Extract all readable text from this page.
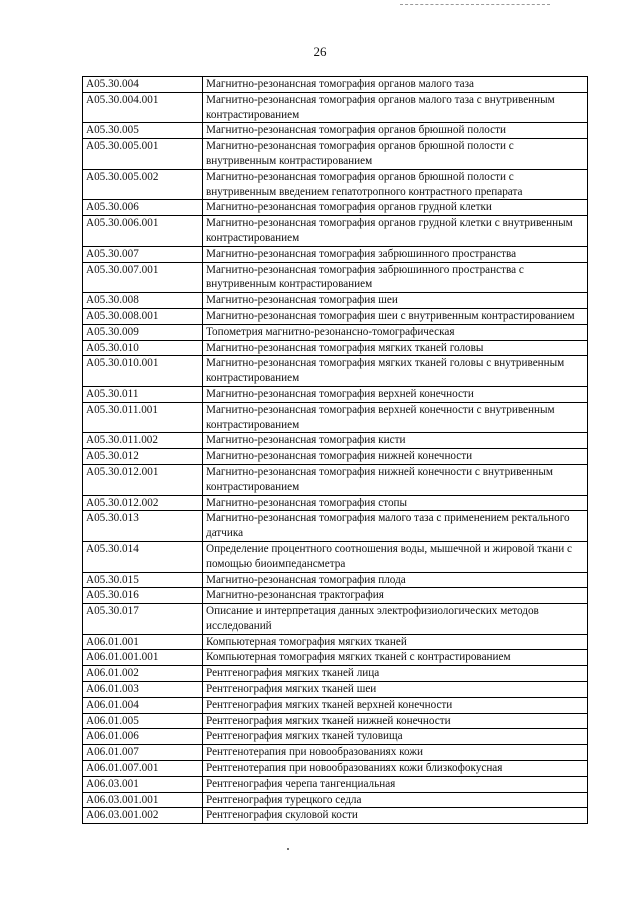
26
A05.30.004	Магнитно-резонансная томография органов малого таза
A05.30.004.001	Магнитно-резонансная томография органов малого таза с внутривенным контрастированием
A05.30.005	Магнитно-резонансная томография органов брюшной полости
A05.30.005.001	Магнитно-резонансная томография органов брюшной полости с внутривенным контрастированием
A05.30.005.002	Магнитно-резонансная томография органов брюшной полости с внутривенным введением гепатотропного контрастного препарата
A05.30.006	Магнитно-резонансная томография органов грудной клетки
A05.30.006.001	Магнитно-резонансная томография органов грудной клетки с внутривенным контрастированием
A05.30.007	Магнитно-резонансная томография забрюшинного пространства
A05.30.007.001	Магнитно-резонансная томография забрюшинного пространства с внутривенным контрастированием
A05.30.008	Магнитно-резонансная томография шеи
A05.30.008.001	Магнитно-резонансная томография шеи с внутривенным контрастированием
A05.30.009	Топометрия магнитно-резонансно-томографическая
A05.30.010	Магнитно-резонансная томография мягких тканей головы
A05.30.010.001	Магнитно-резонансная томография мягких тканей головы с внутривенным контрастированием
A05.30.011	Магнитно-резонансная томография верхней конечности
A05.30.011.001	Магнитно-резонансная томография верхней конечности с внутривенным контрастированием
A05.30.011.002	Магнитно-резонансная томография кисти
A05.30.012	Магнитно-резонансная томография нижней конечности
A05.30.012.001	Магнитно-резонансная томография нижней конечности с внутривенным контрастированием
A05.30.012.002	Магнитно-резонансная томография стопы
A05.30.013	Магнитно-резонансная томография малого таза с применением ректального датчика
A05.30.014	Определение процентного соотношения воды, мышечной и жировой ткани с помощью биоимпедансметра
A05.30.015	Магнитно-резонансная томография плода
A05.30.016	Магнитно-резонансная трактография
A05.30.017	Описание и интерпретация данных электрофизиологических методов исследований
A06.01.001	Компьютерная томография мягких тканей
A06.01.001.001	Компьютерная томография мягких тканей с контрастированием
A06.01.002	Рентгенография мягких тканей лица
A06.01.003	Рентгенография мягких тканей шеи
A06.01.004	Рентгенография мягких тканей верхней конечности
A06.01.005	Рентгенография мягких тканей нижней конечности
A06.01.006	Рентгенография мягких тканей туловища
A06.01.007	Рентгенотерапия при новообразованиях кожи
A06.01.007.001	Рентгенотерапия при новообразованиях кожи близкофокусная
A06.03.001	Рентгенография черепа тангенциальная
A06.03.001.001	Рентгенография турецкого седла
A06.03.001.002	Рентгенография скуловой кости
